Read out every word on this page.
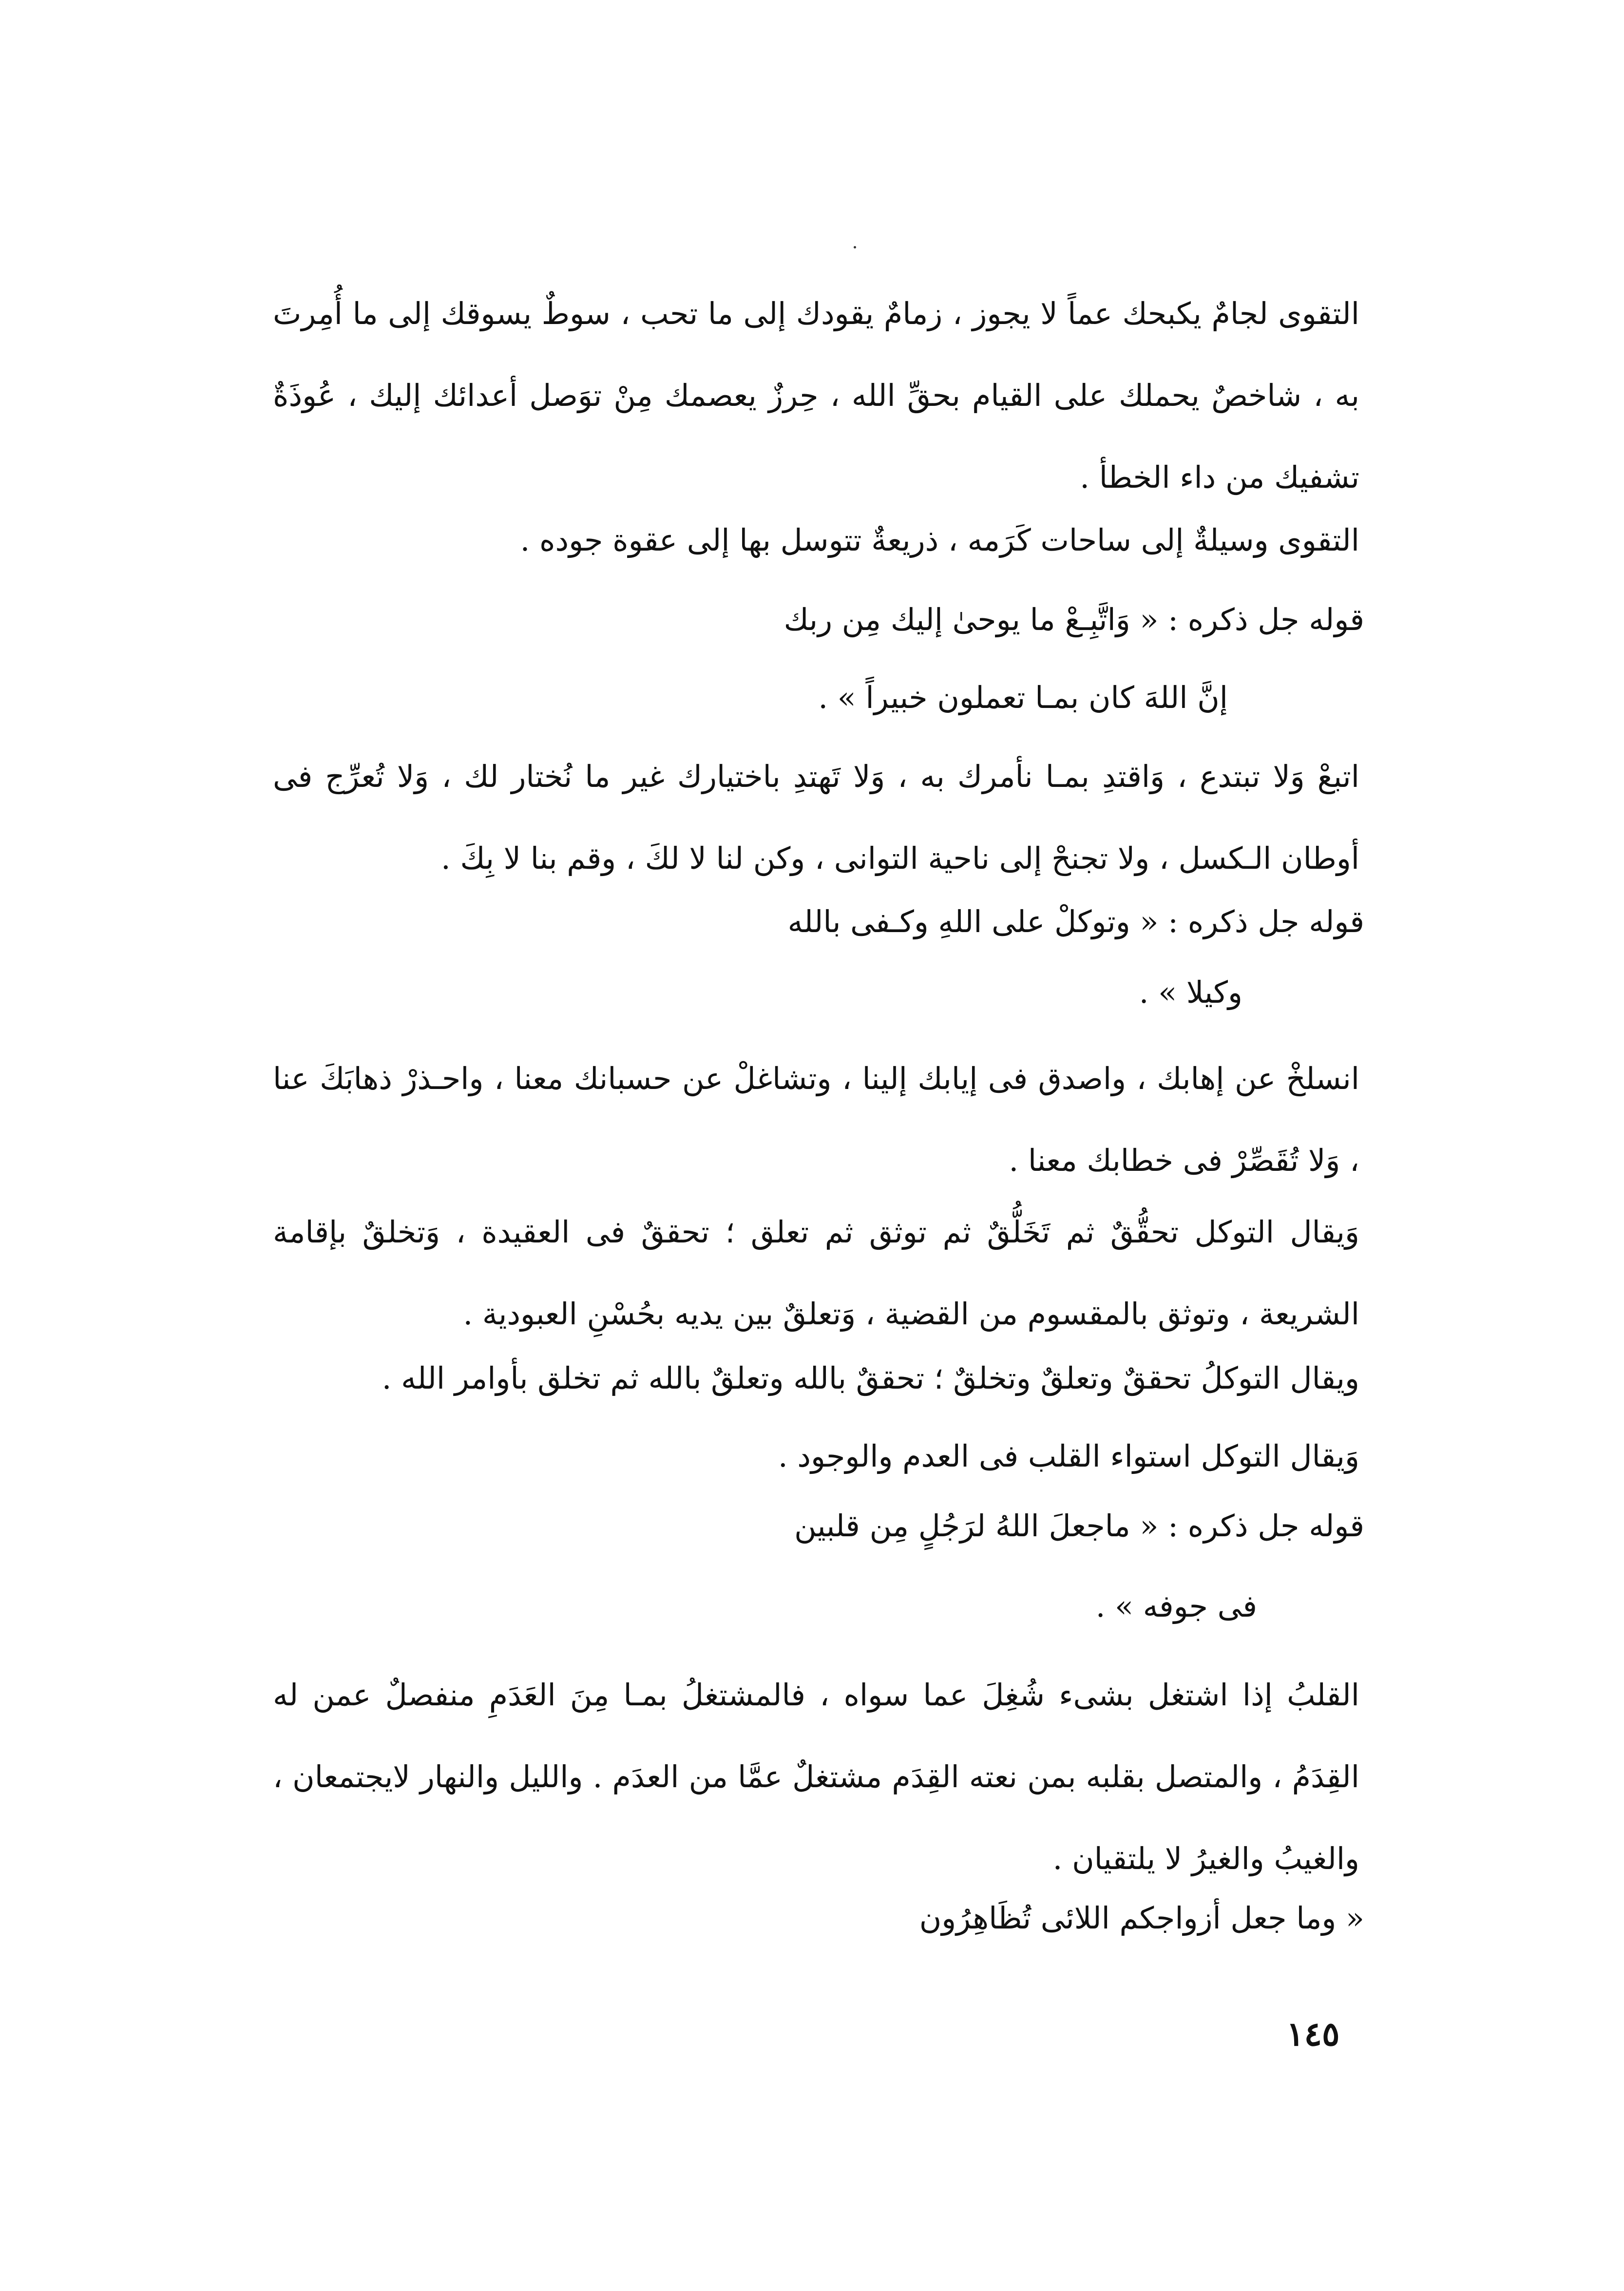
التقوى لجامٌ يكبحك عماً لا يجوز ، زمامٌ يقودك إلى ما تحب ، سوطٌ يسوقك إلى ما أُمِرتَ به ، شاخصٌ يحملك على القيام بحقِّ الله ، حِرزٌ يعصمك مِنْ توَصل أعدائك إليك ، عُوذَةٌ تشفيك من داء الخطأ .
التقوى وسيلةٌ إلى ساحات كَرَمه ، ذريعةٌ تتوسل بها إلى عقوة جوده .
قوله جل ذكره : « وَاتَّبِـعْ ما يوحىٰ إليك مِن ربك
إنَّ اللهَ كان بمـا تعملون خبيراً » .
اتبعْ وَلا تبتدع ، وَاقتدِ بمـا نأمرك به ، وَلا تَهتدِ باختيارك غير ما نُختار لك ، وَلا تُعرِّج فى أوطان الـكسل ، ولا تجنحْ إلى ناحية التوانى ، وكن لنا لا لكَ ، وقم بنا لا بِكَ .
قوله جل ذكره : « وتوكلْ على اللهِ وكـفى بالله
وكيلا » .
انسلخْ عن إهابك ، واصدق فى إيابك إلينا ، وتشاغلْ عن حسبانك معنا ، واحـذرْ ذهابَكَ عنا ، وَلا تُقَصِّرْ فى خطابك معنا .
وَيقال التوكل تحقُّقٌ ثم تَخَلُّقٌ ثم توثق ثم تعلق ؛ تحققٌ فى العقيدة ، وَتخلقٌ بإقامة الشريعة ، وتوثق بالمقسوم من القضية ، وَتعلقٌ بين يديه بحُسْنِ العبودية .
ويقال التوكلُ تحققٌ وتعلقٌ وتخلقٌ ؛ تحققٌ بالله وتعلقٌ بالله ثم تخلق بأوامر الله .
وَيقال التوكل استواء القلب فى العدم والوجود .
قوله جل ذكره : « ماجعلَ اللهُ لرَجُلٍ مِن قلبين
فى جوفه » .
القلبُ إذا اشتغل بشىء شُغِلَ عما سواه ، فالمشتغلُ بمـا مِنَ العَدَمِ منفصلٌ عمن له القِدَمُ ، والمتصل بقلبه بمن نعته القِدَم مشتغلٌ عمَّا من العدَم . والليل والنهار لايجتمعان ، والغيبُ والغيرُ لا يلتقيان .
« وما جعل أزواجكم اللائى تُظَاهِرُون
١٤٥
